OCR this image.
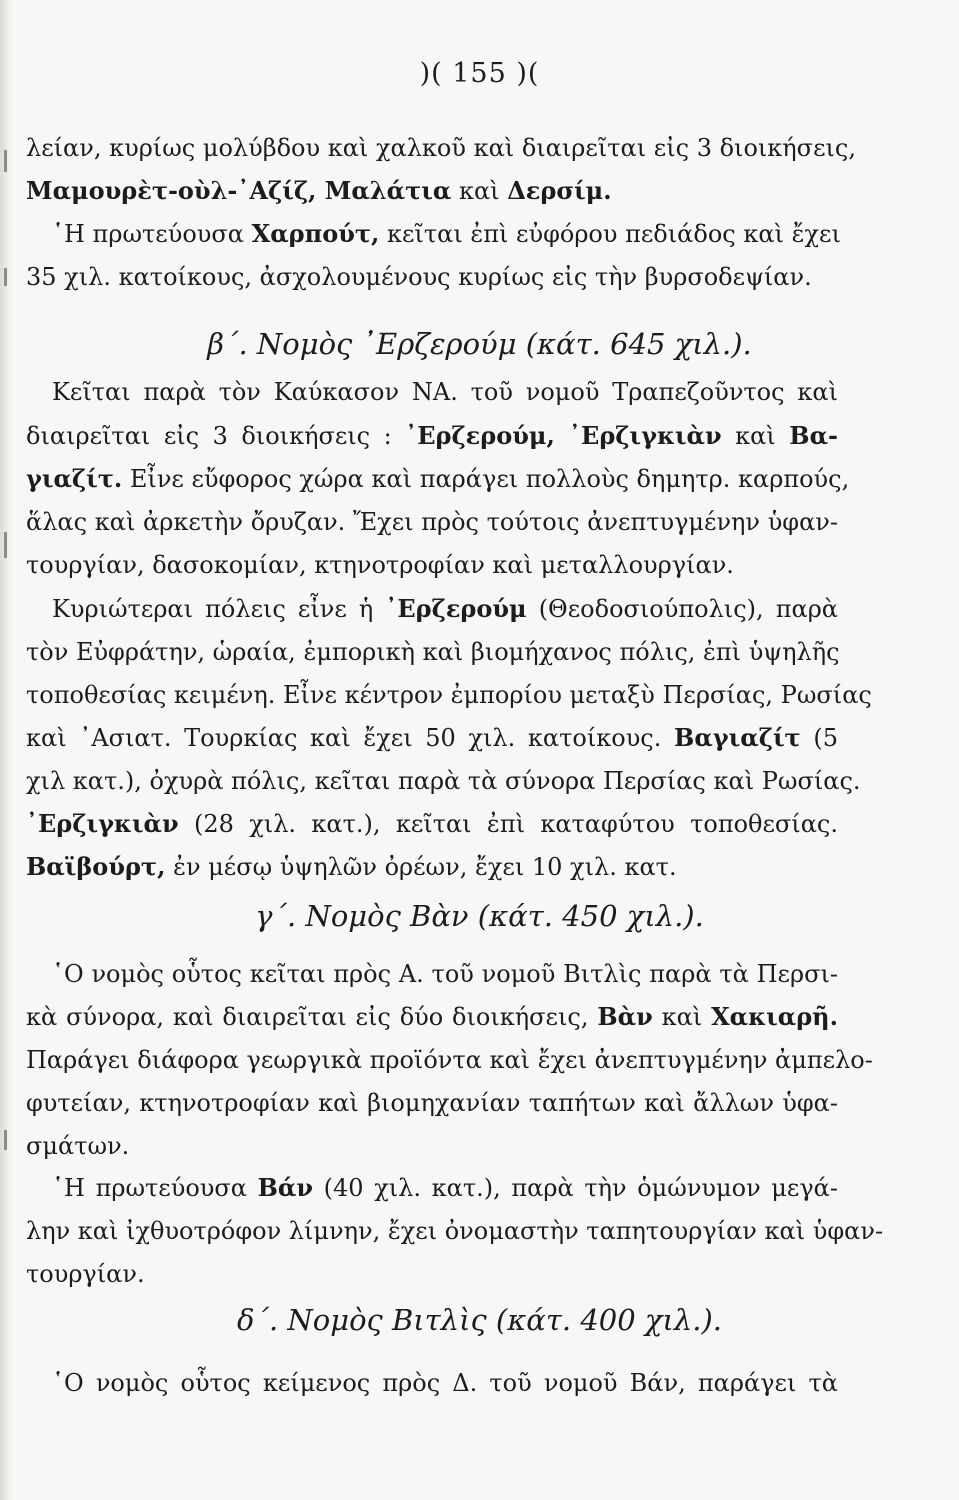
)( 155 )(
λείαν, κυρίως μολύβδου καὶ χαλκοῦ καὶ διαιρεῖται εἰς 3 διοικήσεις,
Μαμουρὲτ-οὺλ-᾿Αζίζ, Μαλάτια καὶ Δερσίμ.
῾Η πρωτεύουσα Χαρπούτ, κεῖται ἐπὶ εὐφόρου πεδιάδος καὶ ἔχει
35 χιλ. κατοίκους, ἀσχολουμένους κυρίως εἰς τὴν βυρσοδεψίαν.
Κεῖται παρὰ τὸν Καύκασον ΝΑ. τοῦ νομοῦ Τραπεζοῦντος καὶ
διαιρεῖται εἰς 3 διοικήσεις : ᾿Ερζερούμ, ᾿Ερζιγκιὰν καὶ Βα-
γιαζίτ. Εἶνε εὔφορος χώρα καὶ παράγει πολλοὺς δημητρ. καρπούς,
ἅλας καὶ ἀρκετὴν ὄρυζαν. Ἔχει πρὸς τούτοις ἀνεπτυγμένην ὑφαν-
τουργίαν, δασοκομίαν, κτηνοτροφίαν καὶ μεταλλουργίαν.
Κυριώτεραι πόλεις εἶνε ἡ ᾿Ερζερούμ (Θεοδοσιούπολις), παρὰ
τὸν Εὐφράτην, ὡραία, ἐμπορικὴ καὶ βιομήχανος πόλις, ἐπὶ ὑψηλῆς
τοποθεσίας κειμένη. Εἶνε κέντρον ἐμπορίου μεταξὺ Περσίας, Ρωσίας
καὶ ᾿Ασιατ. Τουρκίας καὶ ἔχει 50 χιλ. κατοίκους. Βαγιαζίτ (5
χιλ κατ.), ὀχυρὰ πόλις, κεῖται παρὰ τὰ σύνορα Περσίας καὶ Ρωσίας.
᾿Ερζιγκιὰν (28 χιλ. κατ.), κεῖται ἐπὶ καταφύτου τοποθεσίας.
Βαϊβούρτ, ἐν μέσῳ ὑψηλῶν ὀρέων, ἔχει 10 χιλ. κατ.
῾Ο νομὸς οὗτος κεῖται πρὸς Α. τοῦ νομοῦ Βιτλὶς παρὰ τὰ Περσι-
κὰ σύνορα, καὶ διαιρεῖται εἰς δύο διοικήσεις, Βὰν καὶ Χακιαρῆ.
Παράγει διάφορα γεωργικὰ προϊόντα καὶ ἔχει ἀνεπτυγμένην ἀμπελο-
φυτείαν, κτηνοτροφίαν καὶ βιομηχανίαν ταπήτων καὶ ἄλλων ὑφα-
σμάτων.
῾Η πρωτεύουσα Βάν (40 χιλ. κατ.), παρὰ τὴν ὁμώνυμον μεγά-
λην καὶ ἰχθυοτρόφον λίμνην, ἔχει ὀνομαστὴν ταπητουργίαν καὶ ὑφαν-
τουργίαν.
῾Ο νομὸς οὗτος κείμενος πρὸς Δ. τοῦ νομοῦ Βάν, παράγει τὰ
β΄. Νομὸς ᾿Ερζερούμ (κάτ. 645 χιλ.).
γ΄. Νομὸς Βὰν (κάτ. 450 χιλ.).
δ΄. Νομὸς Βιτλὶς (κάτ. 400 χιλ.).
